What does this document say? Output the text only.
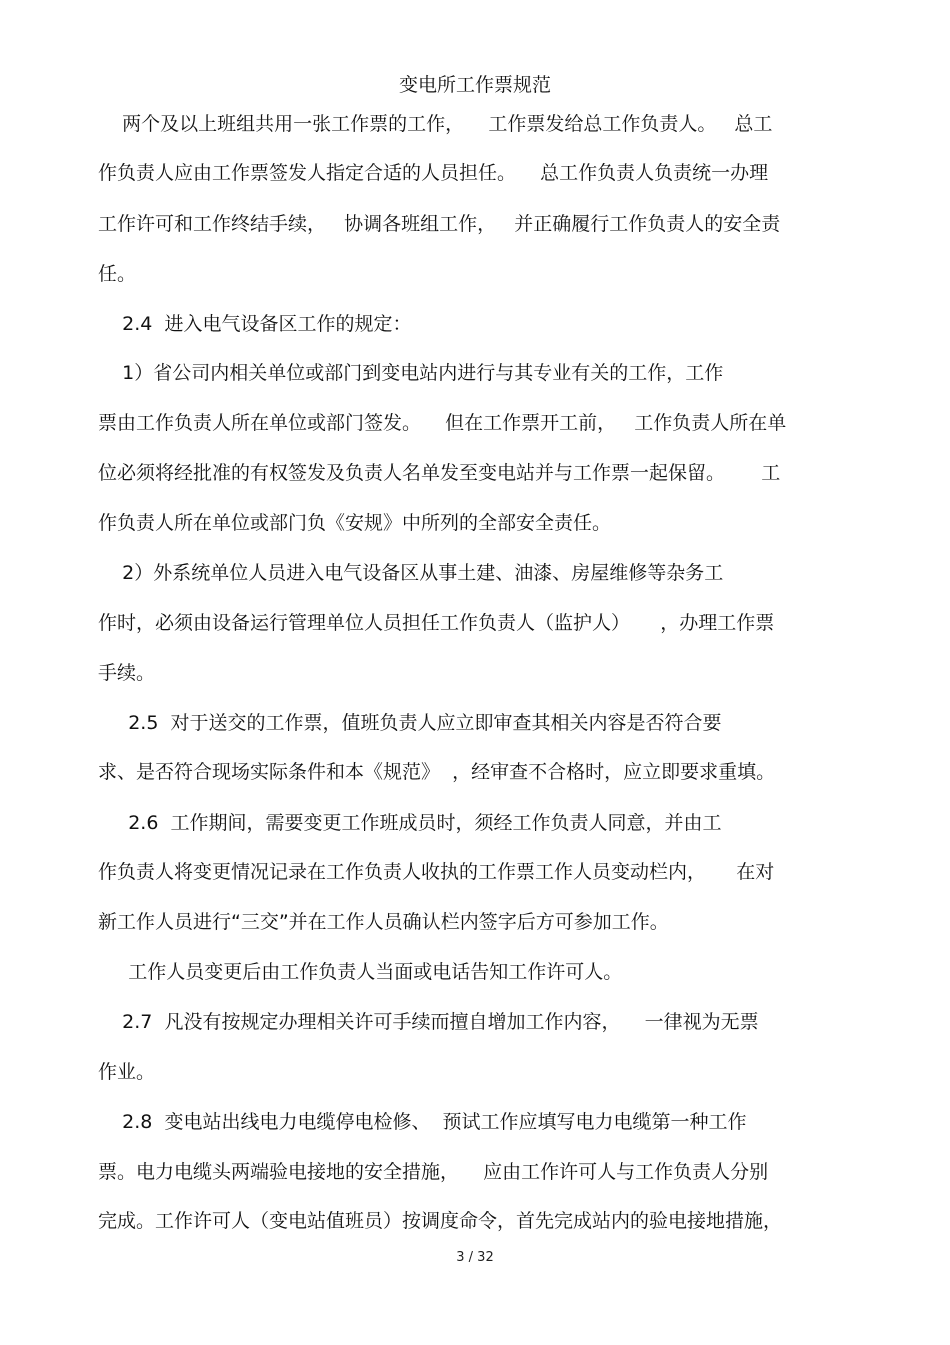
变电所工作票规范
两个及以上班组共用一张工作票的工作，    工作票发给总工作负责人。   总工
作负责人应由工作票签发人指定合适的人员担任。    总工作负责人负责统一办理
工作许可和工作终结手续，   协调各班组工作，   并正确履行工作负责人的安全责
任。
2.4  进入电气设备区工作的规定：
1）省公司内相关单位或部门到变电站内进行与其专业有关的工作，工作
票由工作负责人所在单位或部门签发。    但在工作票开工前，   工作负责人所在单
位必须将经批准的有权签发及负责人名单发至变电站并与工作票一起保留。      工
作负责人所在单位或部门负《安规》中所列的全部安全责任。
2）外系统单位人员进入电气设备区从事土建、油漆、房屋维修等杂务工
作时，必须由设备运行管理单位人员担任工作负责人（监护人）     ，办理工作票
手续。
2.5  对于送交的工作票，值班负责人应立即审查其相关内容是否符合要
求、是否符合现场实际条件和本《规范》  ，经审查不合格时，应立即要求重填。
2.6  工作期间，需要变更工作班成员时，须经工作负责人同意，并由工
作负责人将变更情况记录在工作负责人收执的工作票工作人员变动栏内，     在对
新工作人员进行“三交”并在工作人员确认栏内签字后方可参加工作。
工作人员变更后由工作负责人当面或电话告知工作许可人。
2.7  凡没有按规定办理相关许可手续而擅自增加工作内容，    一律视为无票
作业。
2.8  变电站出线电力电缆停电检修、  预试工作应填写电力电缆第一种工作
票。电力电缆头两端验电接地的安全措施，    应由工作许可人与工作负责人分别
完成。工作许可人（变电站值班员）按调度命令，首先完成站内的验电接地措施，
3 / 32
